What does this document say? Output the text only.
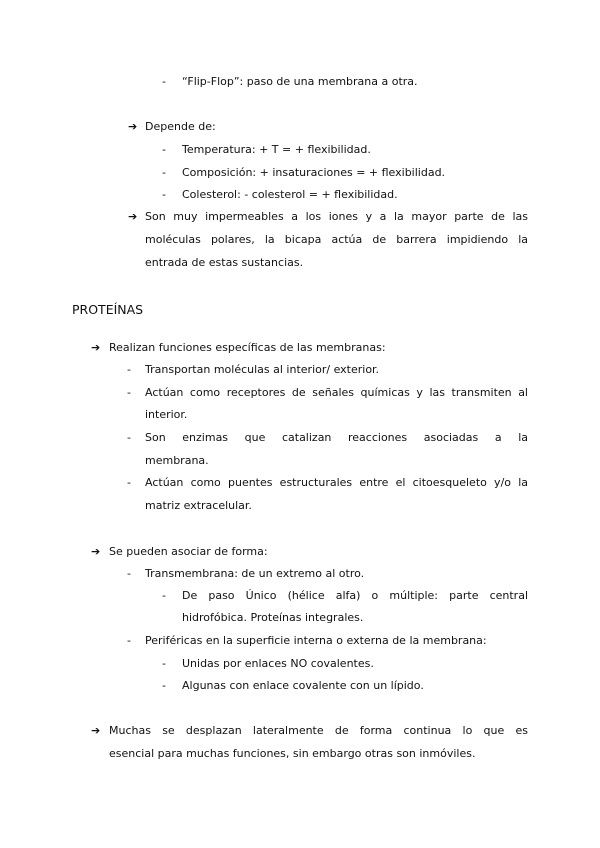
- “Flip-Flop”: paso de una membrana a otra.
➔ Depende de:
- Temperatura: + T = + flexibilidad.
- Composición: + insaturaciones = + flexibilidad.
- Colesterol: - colesterol = + flexibilidad.
➔ Son muy impermeables a los iones y a la mayor parte de las
moléculas polares, la bicapa actúa de barrera impidiendo la
entrada de estas sustancias.
PROTEÍNAS
➔ Realizan funciones específicas de las membranas:
- Transportan moléculas al interior/ exterior.
- Actúan como receptores de señales químicas y las transmiten al
interior.
- Son enzimas que catalizan reacciones asociadas a la
membrana.
- Actúan como puentes estructurales entre el citoesqueleto y/o la
matriz extracelular.
➔ Se pueden asociar de forma:
- Transmembrana: de un extremo al otro.
- De paso Único (hélice alfa) o múltiple: parte central
hidrofóbica. Proteínas integrales.
- Periféricas en la superficie interna o externa de la membrana:
- Unidas por enlaces NO covalentes.
- Algunas con enlace covalente con un lípido.
➔ Muchas se desplazan lateralmente de forma continua lo que es
esencial para muchas funciones, sin embargo otras son inmóviles.
